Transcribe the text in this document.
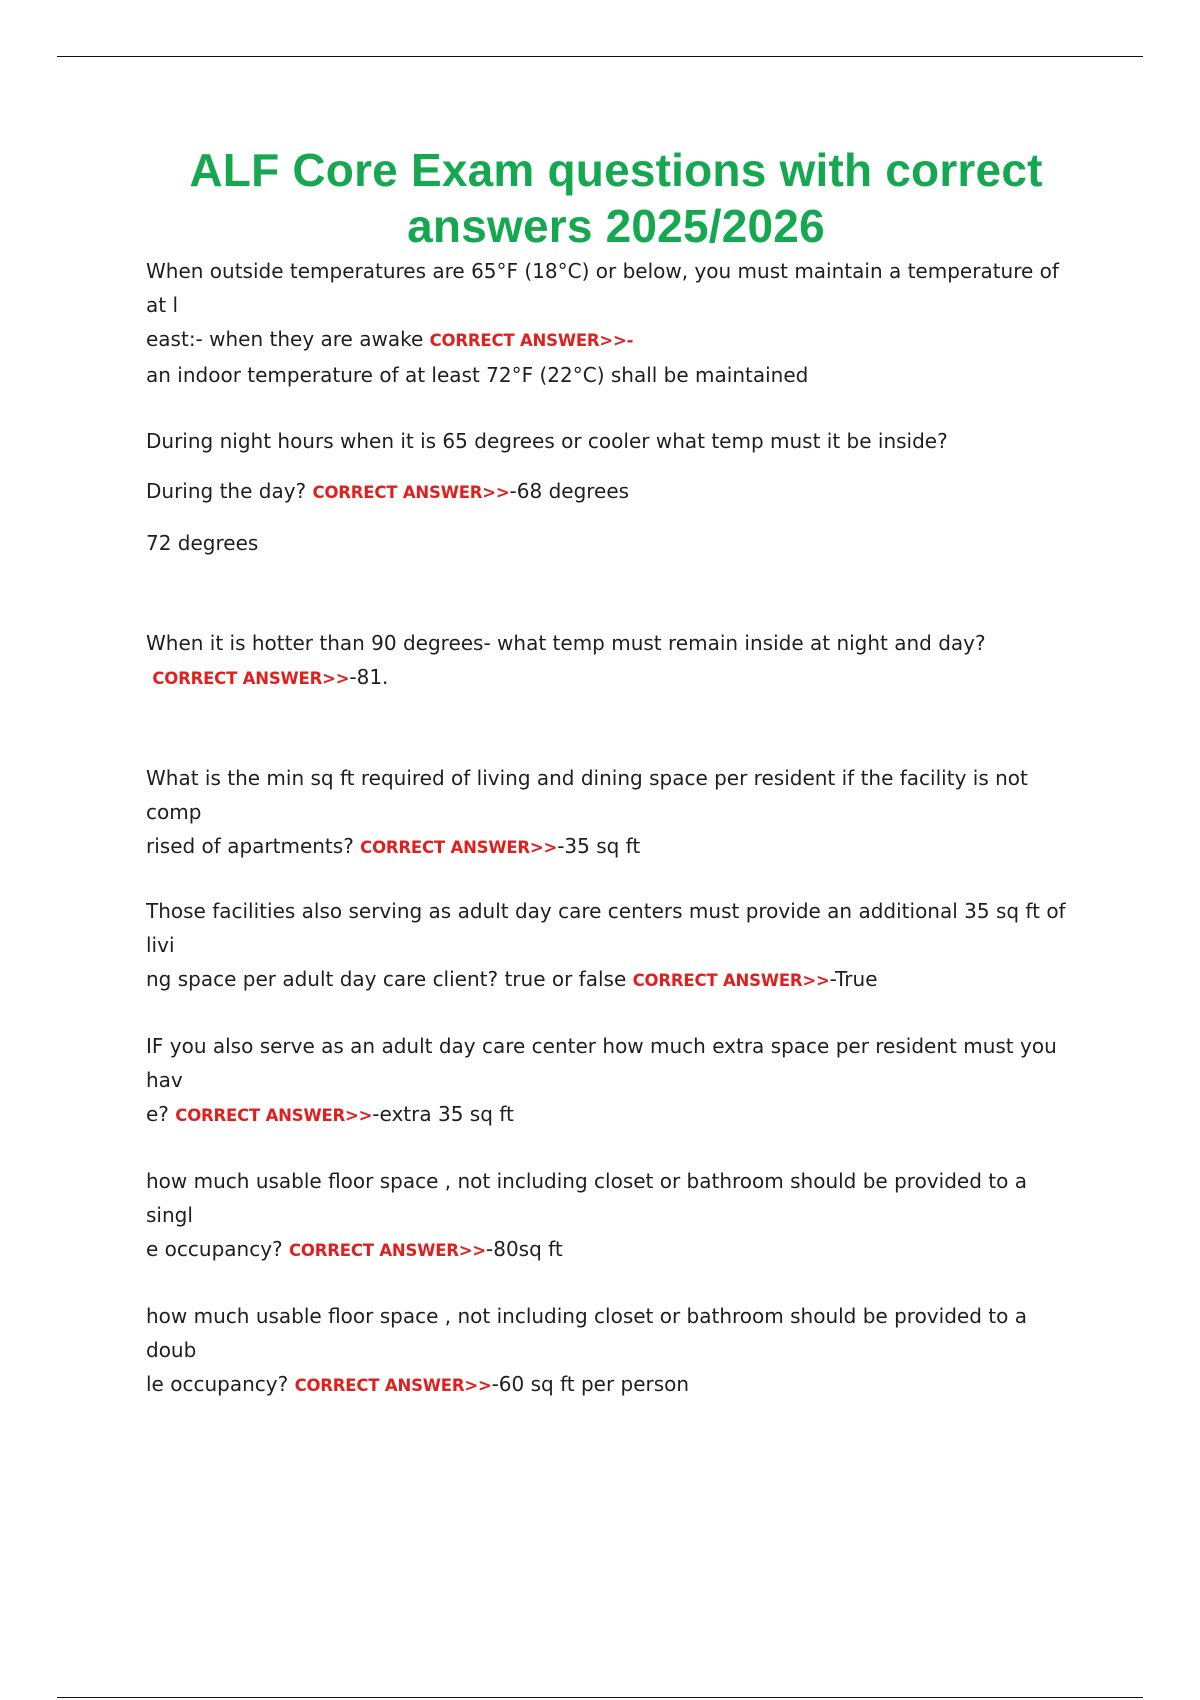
ALF Core Exam questions with correct
answers 2025/2026

When outside temperatures are 65°F (18°C) or below, you must maintain a temperature of at l
east:- when they are awake CORRECT ANSWER>>-
an indoor temperature of at least 72°F (22°C) shall be maintained

During night hours when it is 65 degrees or cooler what temp must it be inside?

During the day? CORRECT ANSWER>>-68 degrees

72 degrees

When it is hotter than 90 degrees- what temp must remain inside at night and day?

CORRECT ANSWER>>-81.

What is the min sq ft required of living and dining space per resident if the facility is not comp
rised of apartments? CORRECT ANSWER>>-35 sq ft

Those facilities also serving as adult day care centers must provide an additional 35 sq ft of livi
ng space per adult day care client? true or false CORRECT ANSWER>>-True

IF you also serve as an adult day care center how much extra space per resident must you hav
e? CORRECT ANSWER>>-extra 35 sq ft

how much usable floor space , not including closet or bathroom should be provided to a singl
e occupancy? CORRECT ANSWER>>-80sq ft

how much usable floor space , not including closet or bathroom should be provided to a doub
le occupancy? CORRECT ANSWER>>-60 sq ft per person
